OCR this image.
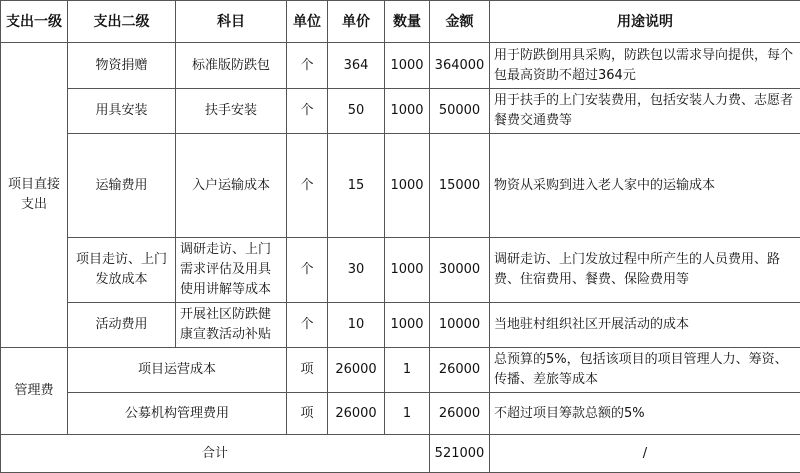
支出一级	支出二级	科目	单位	单价	数量	金额	用途说明
项目直接支出	物资捐赠	标准版防跌包	个	364	1000	364000	用于防跌倒用具采购，防跌包以需求导向提供，每个包最高资助不超过364元
	用具安装	扶手安装	个	50	1000	50000	用于扶手的上门安装费用，包括安装人力费、志愿者餐费交通费等
	运输费用	入户运输成本	个	15	1000	15000	物资从采购到进入老人家中的运输成本
	项目走访、上门发放成本	调研走访、上门需求评估及用具使用讲解等成本	个	30	1000	30000	调研走访、上门发放过程中所产生的人员费用、路费、住宿费用、餐费、保险费用等
	活动费用	开展社区防跌健康宣教活动补贴	个	10	1000	10000	当地驻村组织社区开展活动的成本
管理费	项目运营成本		项	26000	1	26000	总预算的5%，包括该项目的项目管理人力、筹资、传播、差旅等成本
	公募机构管理费用		项	26000	1	26000	不超过项目筹款总额的5%
合计						521000	/
